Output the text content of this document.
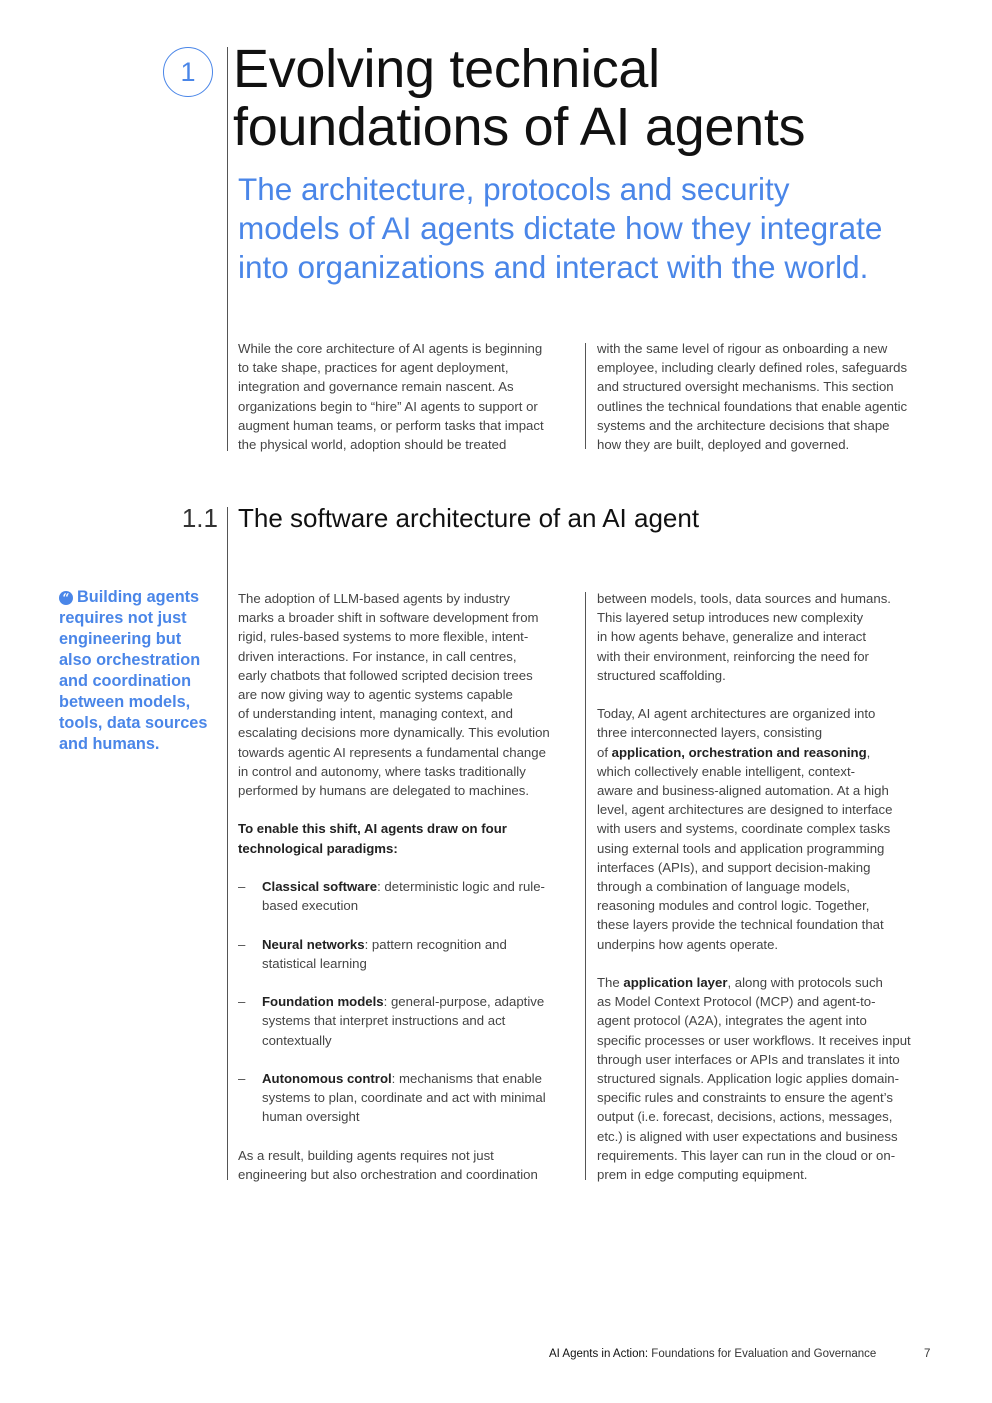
1 Evolving technical
foundations of AI agents
The architecture, protocols and security
models of AI agents dictate how they integrate
into organizations and interact with the world.

While the core architecture of AI agents is beginning
to take shape, practices for agent deployment,
integration and governance remain nascent. As
organizations begin to “hire” AI agents to support or
augment human teams, or perform tasks that impact
the physical world, adoption should be treated

with the same level of rigour as onboarding a new
employee, including clearly defined roles, safeguards
and structured oversight mechanisms. This section
outlines the technical foundations that enable agentic
systems and the architecture decisions that shape
how they are built, deployed and governed.

1.1 The software architecture of an AI agent
“ Building agents
requires not just
engineering but
also orchestration
and coordination
between models,
tools, data sources
and humans.

The adoption of LLM-based agents by industry
marks a broader shift in software development from
rigid, rules-based systems to more flexible, intent-
driven interactions. For instance, in call centres,
early chatbots that followed scripted decision trees
are now giving way to agentic systems capable
of understanding intent, managing context, and
escalating decisions more dynamically. This evolution
towards agentic AI represents a fundamental change
in control and autonomy, where tasks traditionally
performed by humans are delegated to machines.

To enable this shift, AI agents draw on four
technological paradigms:

– Classical software: deterministic logic and rule-
based execution
– Neural networks: pattern recognition and
statistical learning
– Foundation models: general-purpose, adaptive
systems that interpret instructions and act
contextually
– Autonomous control: mechanisms that enable
systems to plan, coordinate and act with minimal
human oversight

As a result, building agents requires not just
engineering but also orchestration and coordination

between models, tools, data sources and humans.
This layered setup introduces new complexity
in how agents behave, generalize and interact
with their environment, reinforcing the need for
structured scaffolding.

Today, AI agent architectures are organized into
three interconnected layers, consisting
of application, orchestration and reasoning,
which collectively enable intelligent, context-
aware and business-aligned automation. At a high
level, agent architectures are designed to interface
with users and systems, coordinate complex tasks
using external tools and application programming
interfaces (APIs), and support decision-making
through a combination of language models,
reasoning modules and control logic. Together,
these layers provide the technical foundation that
underpins how agents operate.

The application layer, along with protocols such
as Model Context Protocol (MCP) and agent-to-
agent protocol (A2A), integrates the agent into
specific processes or user workflows. It receives input
through user interfaces or APIs and translates it into
structured signals. Application logic applies domain-
specific rules and constraints to ensure the agent’s
output (i.e. forecast, decisions, actions, messages,
etc.) is aligned with user expectations and business
requirements. This layer can run in the cloud or on-
prem in edge computing equipment.

AI Agents in Action: Foundations for Evaluation and Governance	7
